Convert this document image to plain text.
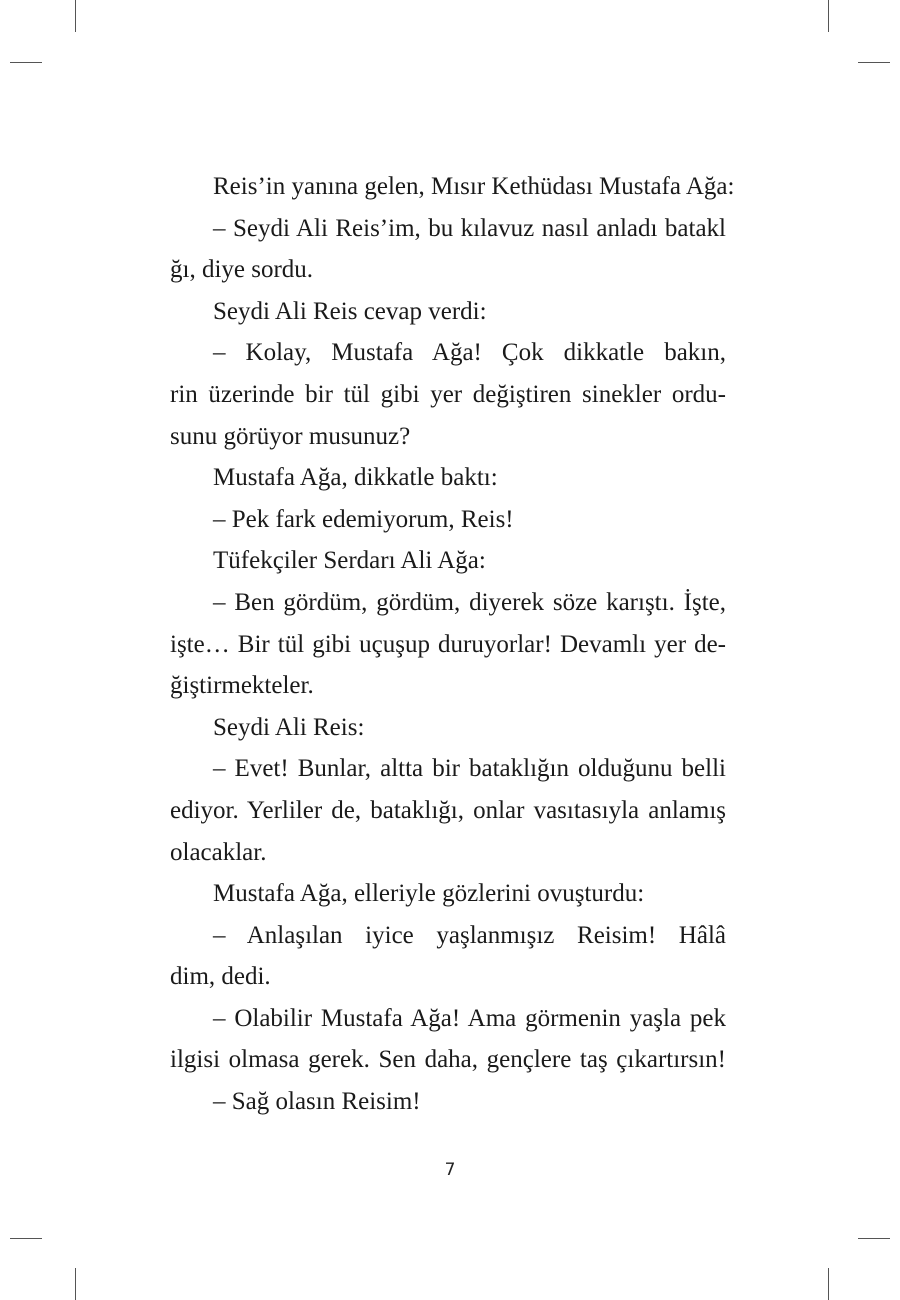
Reis’in yanına gelen, Mısır Kethüdası Mustafa Ağa:
– Seydi Ali Reis’im, bu kılavuz nasıl anladı batakl
ğı, diye sordu.
Seydi Ali Reis cevap verdi:
– Kolay, Mustafa Ağa! Çok dikkatle bakın,
rin üzerinde bir tül gibi yer değiştiren sinekler ordu-
sunu görüyor musunuz?
Mustafa Ağa, dikkatle baktı:
– Pek fark edemiyorum, Reis!
Tüfekçiler Serdarı Ali Ağa:
– Ben gördüm, gördüm, diyerek söze karıştı. İşte,
işte… Bir tül gibi uçuşup duruyorlar! Devamlı yer de-
ğiştirmekteler.
Seydi Ali Reis:
– Evet! Bunlar, altta bir bataklığın olduğunu belli
ediyor. Yerliler de, bataklığı, onlar vasıtasıyla anlamış
olacaklar.
Mustafa Ağa, elleriyle gözlerini ovuşturdu:
– Anlaşılan iyice yaşlanmışız Reisim! Hâlâ
dim, dedi.
– Olabilir Mustafa Ağa! Ama görmenin yaşla pek
ilgisi olmasa gerek. Sen daha, gençlere taş çıkartırsın!
– Sağ olasın Reisim!
7
